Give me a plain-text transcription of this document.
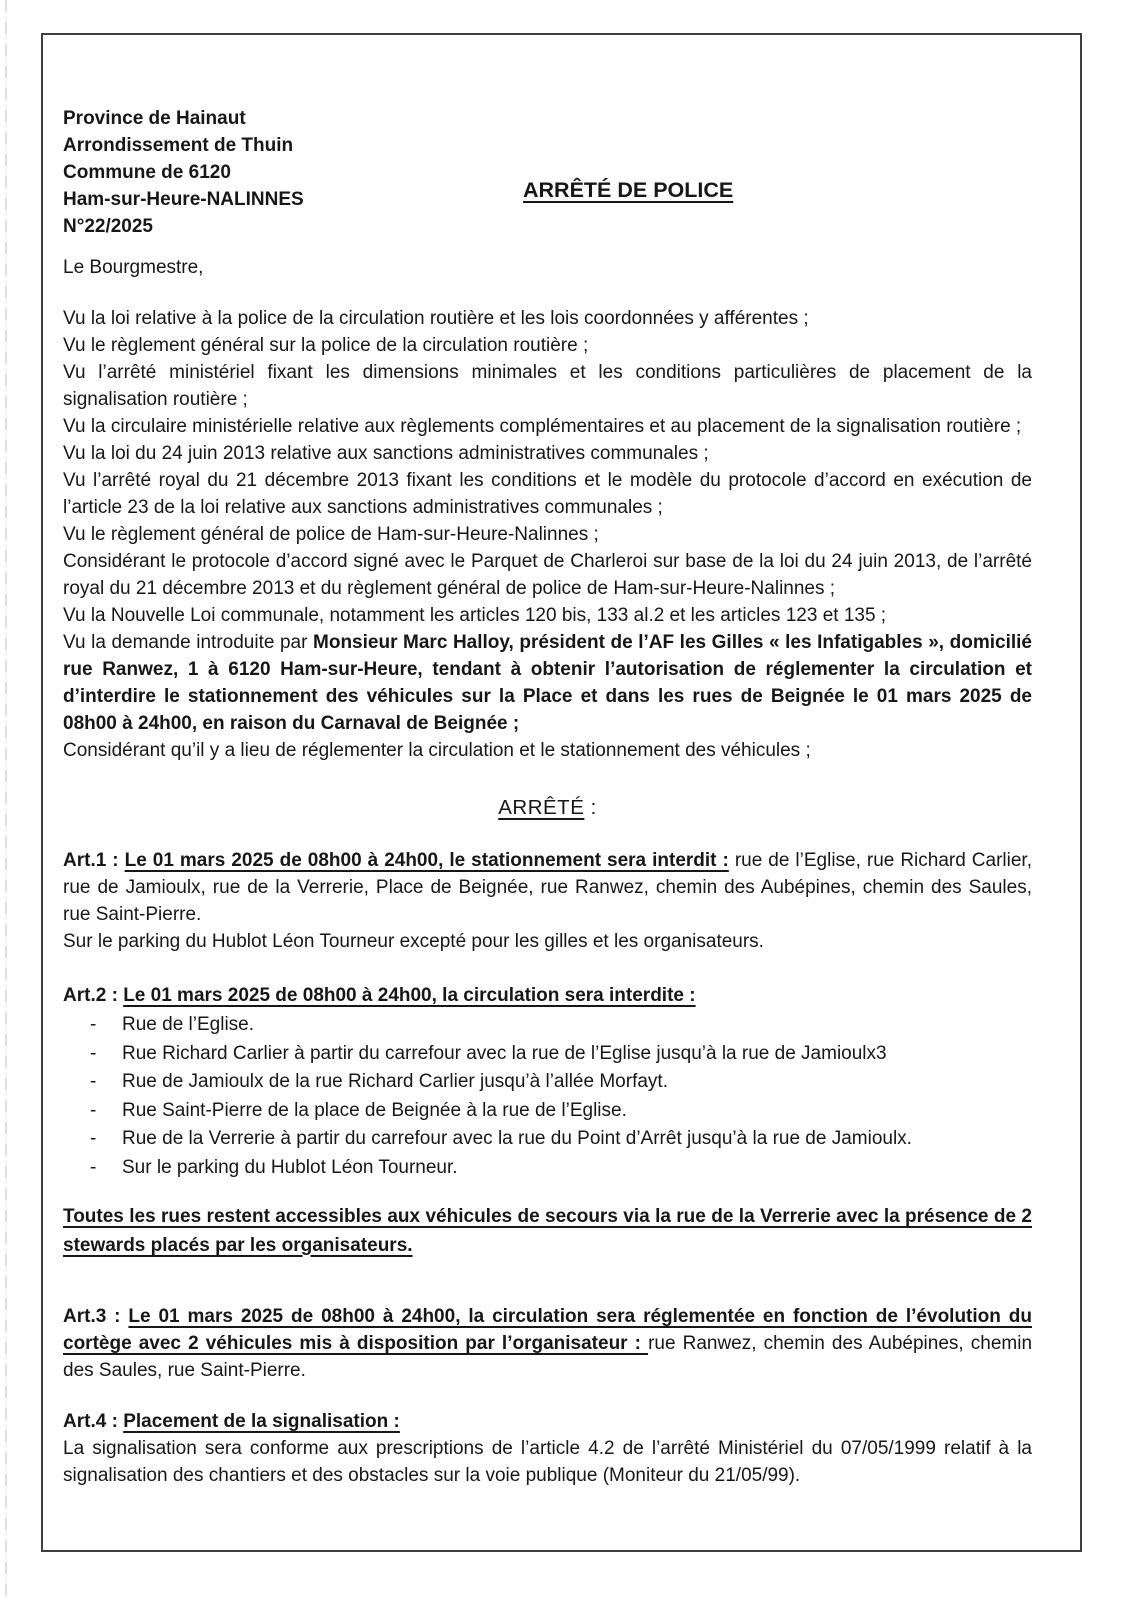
Province de Hainaut
Arrondissement de Thuin
Commune de 6120
Ham-sur-Heure-NALINNES
N°22/2025
ARRÊTÉ DE POLICE

Le Bourgmestre,

Vu la loi relative à la police de la circulation routière et les lois coordonnées y afférentes ;

Vu le règlement général sur la police de la circulation routière ;

Vu l’arrêté ministériel fixant les dimensions minimales et les conditions particulières de placement de la signalisation routière ;

Vu la circulaire ministérielle relative aux règlements complémentaires et au placement de la signalisation routière ;

Vu la loi du 24 juin 2013 relative aux sanctions administratives communales ;

Vu l’arrêté royal du 21 décembre 2013 fixant les conditions et le modèle du protocole d’accord en exécution de l’article 23 de la loi relative aux sanctions administratives communales ;

Vu le règlement général de police de Ham-sur-Heure-Nalinnes ;

Considérant le protocole d’accord signé avec le Parquet de Charleroi sur base de la loi du 24 juin 2013, de l’arrêté royal du 21 décembre 2013 et du règlement général de police de Ham-sur-Heure-Nalinnes ;

Vu la Nouvelle Loi communale, notamment les articles 120 bis, 133 al.2 et les articles 123 et 135 ;

Vu la demande introduite par Monsieur Marc Halloy, président de l’AF les Gilles « les Infatigables », domicilié rue Ranwez, 1 à 6120 Ham-sur-Heure, tendant à obtenir l’autorisation de réglementer la circulation et d’interdire le stationnement des véhicules sur la Place et dans les rues de Beignée le 01 mars 2025 de 08h00 à 24h00, en raison du Carnaval de Beignée ;

Considérant qu’il y a lieu de réglementer la circulation et le stationnement des véhicules ;

ARRÊTÉ :

Art.1 : Le 01 mars 2025 de 08h00 à 24h00, le stationnement sera interdit : rue de l’Eglise, rue Richard Carlier, rue de Jamioulx, rue de la Verrerie, Place de Beignée, rue Ranwez, chemin des Aubépines, chemin des Saules, rue Saint-Pierre.

Sur le parking du Hublot Léon Tourneur excepté pour les gilles et les organisateurs.

Art.2 : Le 01 mars 2025 de 08h00 à 24h00, la circulation sera interdite :

-	Rue de l’Eglise.
-	Rue Richard Carlier à partir du carrefour avec la rue de l’Eglise jusqu’à la rue de Jamioulx3
-	Rue de Jamioulx de la rue Richard Carlier jusqu’à l’allée Morfayt.
-	Rue Saint-Pierre de la place de Beignée à la rue de l’Eglise.
-	Rue de la Verrerie à partir du carrefour avec la rue du Point d’Arrêt jusqu’à la rue de Jamioulx.
-	Sur le parking du Hublot Léon Tourneur.

Toutes les rues restent accessibles aux véhicules de secours via la rue de la Verrerie avec la présence de 2 stewards placés par les organisateurs.

Art.3 : Le 01 mars 2025 de 08h00 à 24h00, la circulation sera réglementée en fonction de l’évolution du cortège avec 2 véhicules mis à disposition par l’organisateur : rue Ranwez, chemin des Aubépines, chemin des Saules, rue Saint-Pierre.

Art.4 : Placement de la signalisation :

La signalisation sera conforme aux prescriptions de l’article 4.2 de l’arrêté Ministériel du 07/05/1999 relatif à la signalisation des chantiers et des obstacles sur la voie publique (Moniteur du 21/05/99).
